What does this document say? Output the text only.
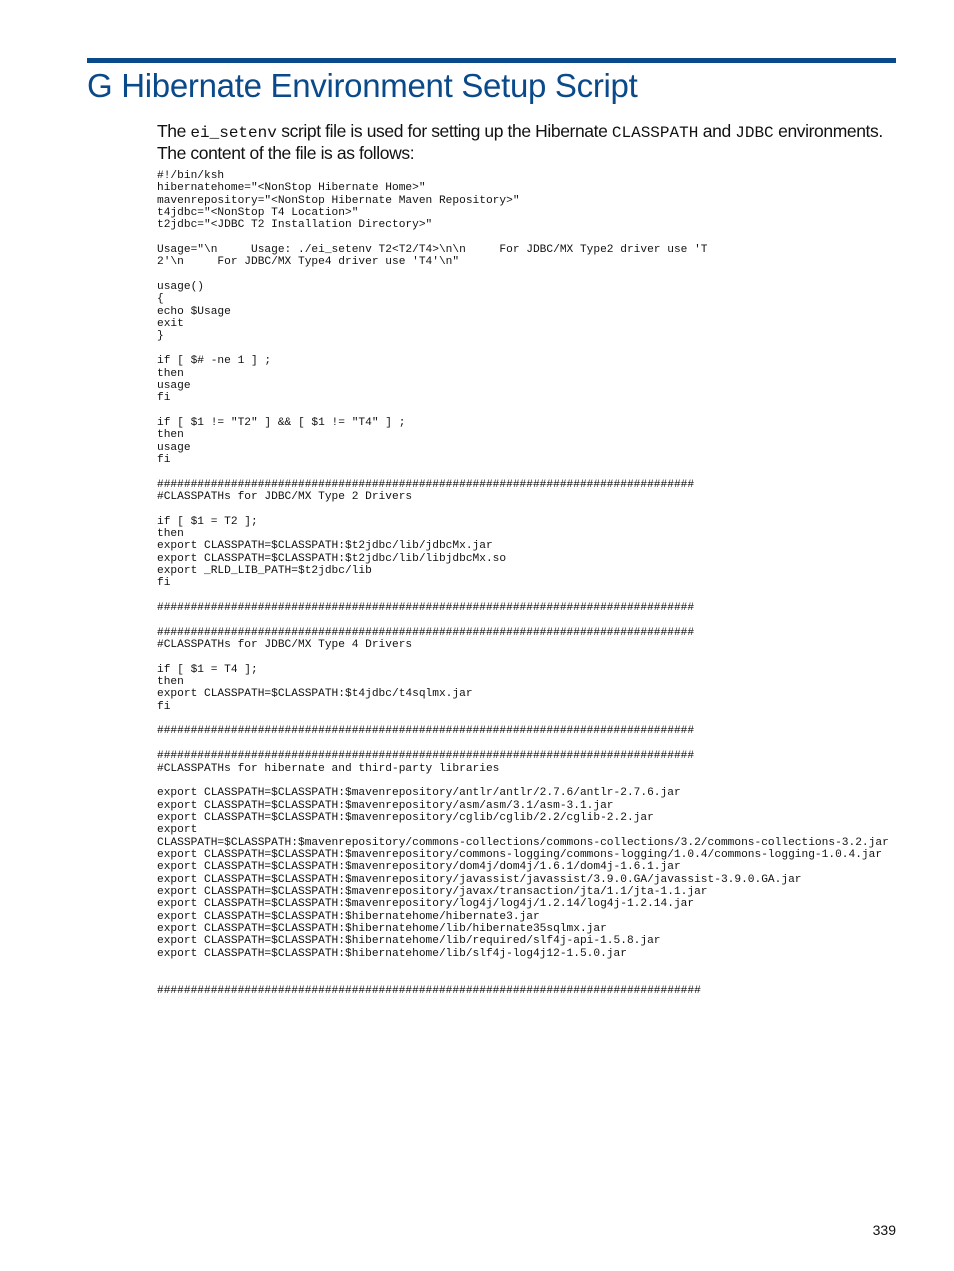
G Hibernate Environment Setup Script

The ei_setenv script file is used for setting up the Hibernate CLASSPATH and JDBC environments. The content of the file is as follows:

#!/bin/ksh
hibernatehome="<NonStop Hibernate Home>"
mavenrepository="<NonStop Hibernate Maven Repository>"
t4jdbc="<NonStop T4 Location>"
t2jdbc="<JDBC T2 Installation Directory>"

Usage="\n     Usage: ./ei_setenv T2<T2/T4>\n\n     For JDBC/MX Type2 driver use 'T
2'\n     For JDBC/MX Type4 driver use 'T4'\n"

usage()
{
echo $Usage
exit
}

if [ $# -ne 1 ] ;
then
usage
fi

if [ $1 != "T2" ] && [ $1 != "T4" ] ;
then
usage
fi

################################################################################
#CLASSPATHs for JDBC/MX Type 2 Drivers

if [ $1 = T2 ];
then
export CLASSPATH=$CLASSPATH:$t2jdbc/lib/jdbcMx.jar
export CLASSPATH=$CLASSPATH:$t2jdbc/lib/libjdbcMx.so
export _RLD_LIB_PATH=$t2jdbc/lib
fi

################################################################################

################################################################################
#CLASSPATHs for JDBC/MX Type 4 Drivers

if [ $1 = T4 ];
then
export CLASSPATH=$CLASSPATH:$t4jdbc/t4sqlmx.jar
fi

################################################################################

################################################################################
#CLASSPATHs for hibernate and third-party libraries

export CLASSPATH=$CLASSPATH:$mavenrepository/antlr/antlr/2.7.6/antlr-2.7.6.jar
export CLASSPATH=$CLASSPATH:$mavenrepository/asm/asm/3.1/asm-3.1.jar
export CLASSPATH=$CLASSPATH:$mavenrepository/cglib/cglib/2.2/cglib-2.2.jar
export
CLASSPATH=$CLASSPATH:$mavenrepository/commons-collections/commons-collections/3.2/commons-collections-3.2.jar
export CLASSPATH=$CLASSPATH:$mavenrepository/commons-logging/commons-logging/1.0.4/commons-logging-1.0.4.jar
export CLASSPATH=$CLASSPATH:$mavenrepository/dom4j/dom4j/1.6.1/dom4j-1.6.1.jar
export CLASSPATH=$CLASSPATH:$mavenrepository/javassist/javassist/3.9.0.GA/javassist-3.9.0.GA.jar
export CLASSPATH=$CLASSPATH:$mavenrepository/javax/transaction/jta/1.1/jta-1.1.jar
export CLASSPATH=$CLASSPATH:$mavenrepository/log4j/log4j/1.2.14/log4j-1.2.14.jar
export CLASSPATH=$CLASSPATH:$hibernatehome/hibernate3.jar
export CLASSPATH=$CLASSPATH:$hibernatehome/lib/hibernate35sqlmx.jar
export CLASSPATH=$CLASSPATH:$hibernatehome/lib/required/slf4j-api-1.5.8.jar
export CLASSPATH=$CLASSPATH:$hibernatehome/lib/slf4j-log4j12-1.5.0.jar

#################################################################################
339
